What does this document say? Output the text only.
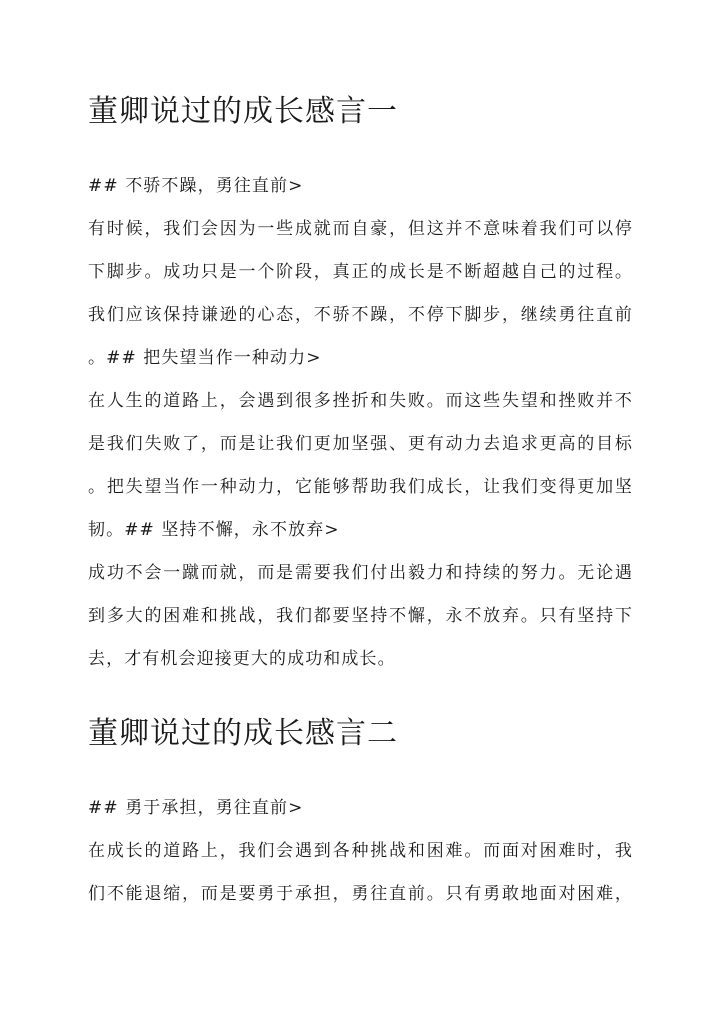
董卿说过的成长感言一
## 不骄不躁，勇往直前>
有时候，我们会因为一些成就而自豪，但这并不意味着我们可以停
下脚步。成功只是一个阶段，真正的成长是不断超越自己的过程。
我们应该保持谦逊的心态，不骄不躁，不停下脚步，继续勇往直前
。## 把失望当作一种动力>
在人生的道路上，会遇到很多挫折和失败。而这些失望和挫败并不
是我们失败了，而是让我们更加坚强、更有动力去追求更高的目标
。把失望当作一种动力，它能够帮助我们成长，让我们变得更加坚
韧。## 坚持不懈，永不放弃>
成功不会一蹴而就，而是需要我们付出毅力和持续的努力。无论遇
到多大的困难和挑战，我们都要坚持不懈，永不放弃。只有坚持下
去，才有机会迎接更大的成功和成长。
董卿说过的成长感言二
## 勇于承担，勇往直前>
在成长的道路上，我们会遇到各种挑战和困难。而面对困难时，我
们不能退缩，而是要勇于承担，勇往直前。只有勇敢地面对困难，
